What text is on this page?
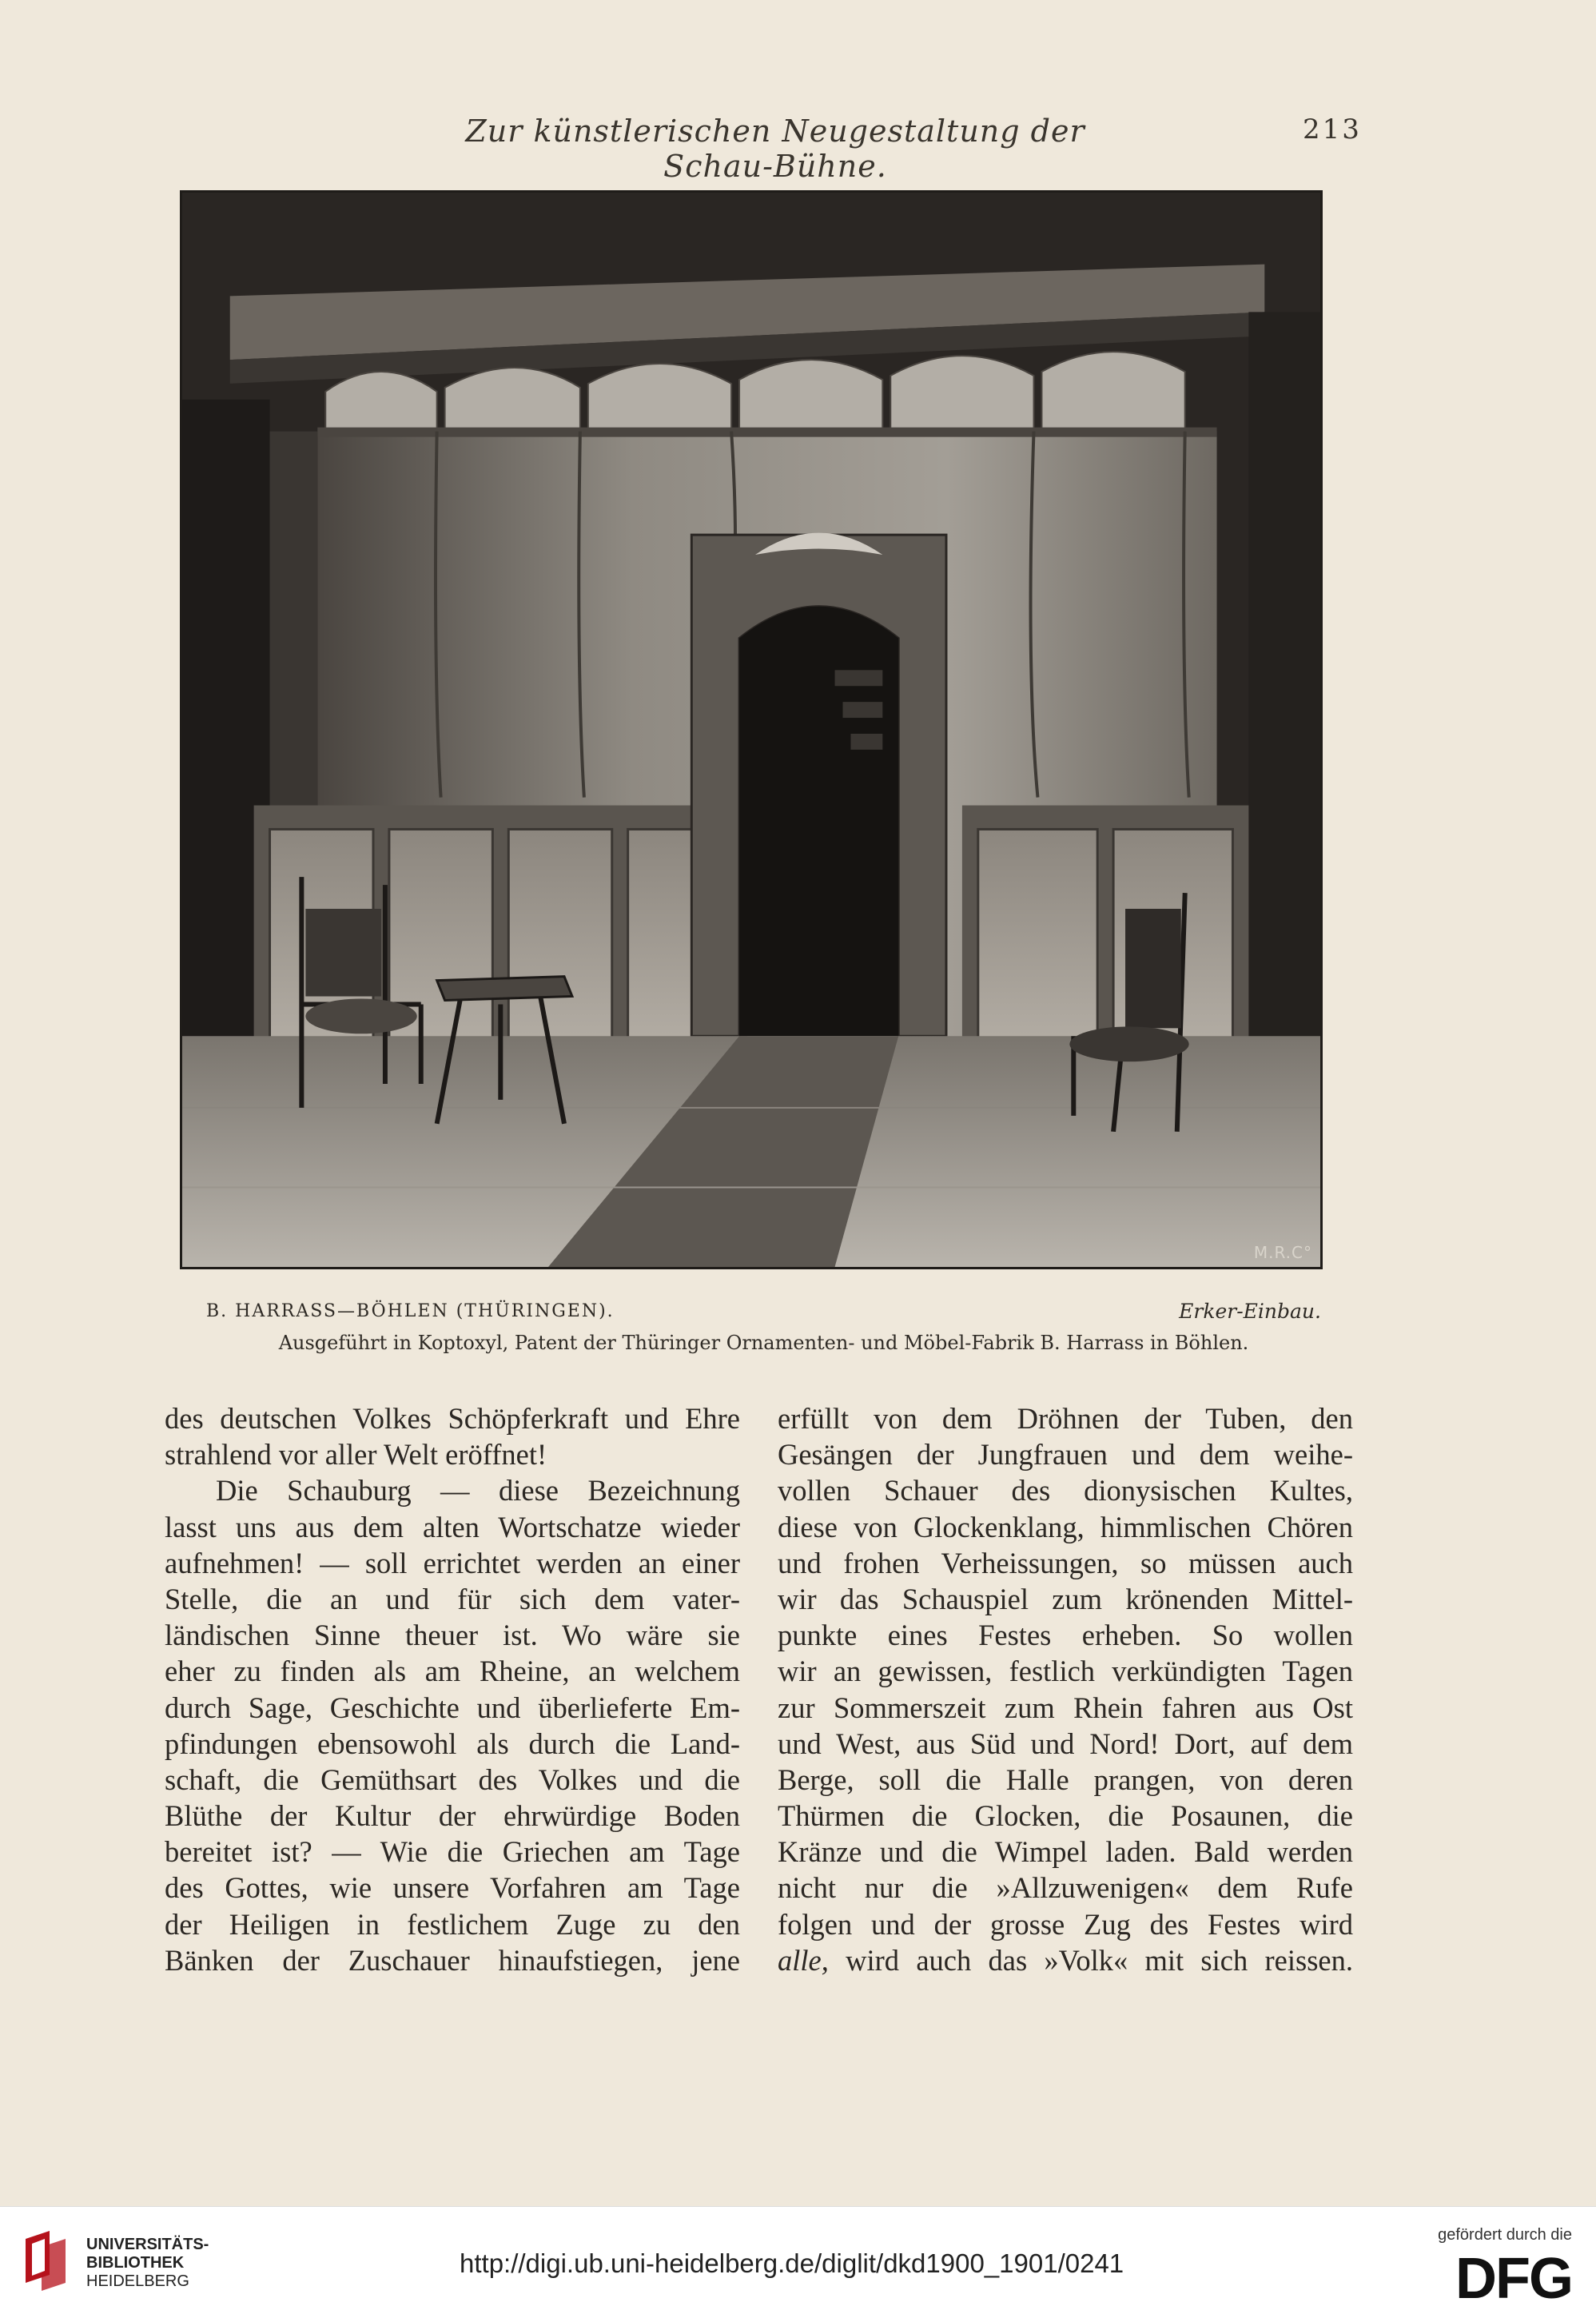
Zur künstlerischen Neugestaltung der Schau-Bühne.
213
M.R.C°
B. HARRASS—BÖHLEN (THÜRINGEN).	Erker-Einbau.
Ausgeführt in Koptoxyl, Patent der Thüringer Ornamenten- und Möbel-Fabrik B. Harrass in Böhlen.
des deutschen Volkes Schöpferkraft und Ehre
strahlend vor aller Welt eröffnet!
Die Schauburg — diese Bezeichnung
lasst uns aus dem alten Wortschatze wieder
aufnehmen! — soll errichtet werden an einer
Stelle, die an und für sich dem vater-
ländischen Sinne theuer ist. Wo wäre sie
eher zu finden als am Rheine, an welchem
durch Sage, Geschichte und überlieferte Em-
pfindungen ebensowohl als durch die Land-
schaft, die Gemüthsart des Volkes und die
Blüthe der Kultur der ehrwürdige Boden
bereitet ist? — Wie die Griechen am Tage
des Gottes, wie unsere Vorfahren am Tage
der Heiligen in festlichem Zuge zu den
Bänken der Zuschauer hinaufstiegen, jene
erfüllt von dem Dröhnen der Tuben, den
Gesängen der Jungfrauen und dem weihe-
vollen Schauer des dionysischen Kultes,
diese von Glockenklang, himmlischen Chören
und frohen Verheissungen, so müssen auch
wir das Schauspiel zum krönenden Mittel-
punkte eines Festes erheben. So wollen
wir an gewissen, festlich verkündigten Tagen
zur Sommerszeit zum Rhein fahren aus Ost
und West, aus Süd und Nord! Dort, auf dem
Berge, soll die Halle prangen, von deren
Thürmen die Glocken, die Posaunen, die
Kränze und die Wimpel laden. Bald werden
nicht nur die »Allzuwenigen« dem Rufe
folgen und der grosse Zug des Festes wird
alle, wird auch das »Volk« mit sich reissen.
UNIVERSITÄTS-
BIBLIOTHEK
HEIDELBERG
http://digi.ub.uni-heidelberg.de/diglit/dkd1900_1901/0241
gefördert durch die
DFG
